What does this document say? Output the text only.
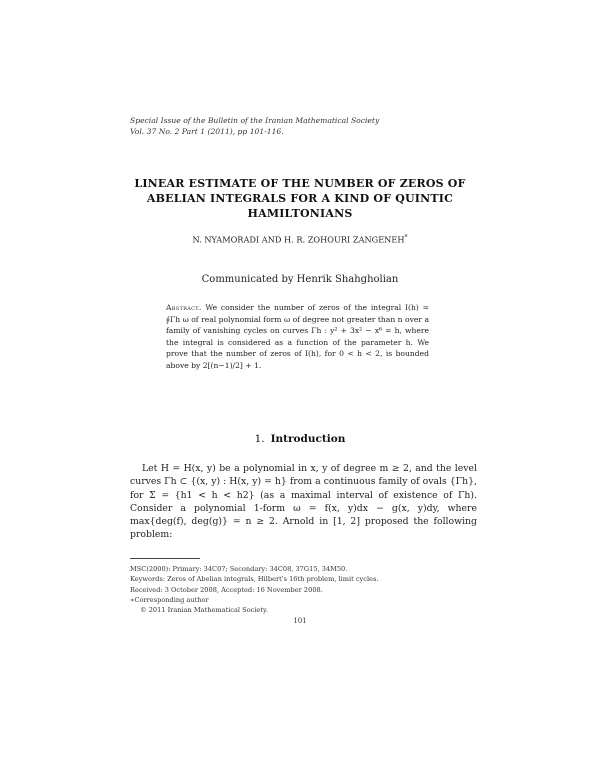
Special Issue of the Bulletin of the Iranian Mathematical Society
Vol. 37 No. 2 Part 1 (2011), pp 101-116.
LINEAR ESTIMATE OF THE NUMBER OF ZEROS OF ABELIAN INTEGRALS FOR A KIND OF QUINTIC HAMILTONIANS
N. NYAMORADI AND H. R. ZOHOURI ZANGENEH*
Communicated by Henrik Shahgholian
Abstract. We consider the number of zeros of the integral I(h) = ∮Γh ω of real polynomial form ω of degree not greater than n over a family of vanishing cycles on curves Γh : y² + 3x² − x⁶ = h, where the integral is considered as a function of the parameter h. We prove that the number of zeros of I(h), for 0 < h < 2, is bounded above by 2[(n−1)/2] + 1.
1. Introduction
Let H = H(x, y) be a polynomial in x, y of degree m ≥ 2, and the level curves Γh ⊂ {(x, y) : H(x, y) = h} from a continuous family of ovals {Γh}, for Σ = {h1 < h < h2} (as a maximal interval of existence of Γh). Consider a polynomial 1-form ω = f(x, y)dx − g(x, y)dy, where max{deg(f), deg(g)} = n ≥ 2. Arnold in [1, 2] proposed the following problem:
MSC(2000): Primary: 34C07; Secondary: 34C08, 37G15, 34M50.
Keywords: Zeros of Abelian integrals, Hilbert's 16th problem, limit cycles.
Received: 3 October 2008, Accepted: 16 November 2008.
∗Corresponding author
© 2011 Iranian Mathematical Society.
101
